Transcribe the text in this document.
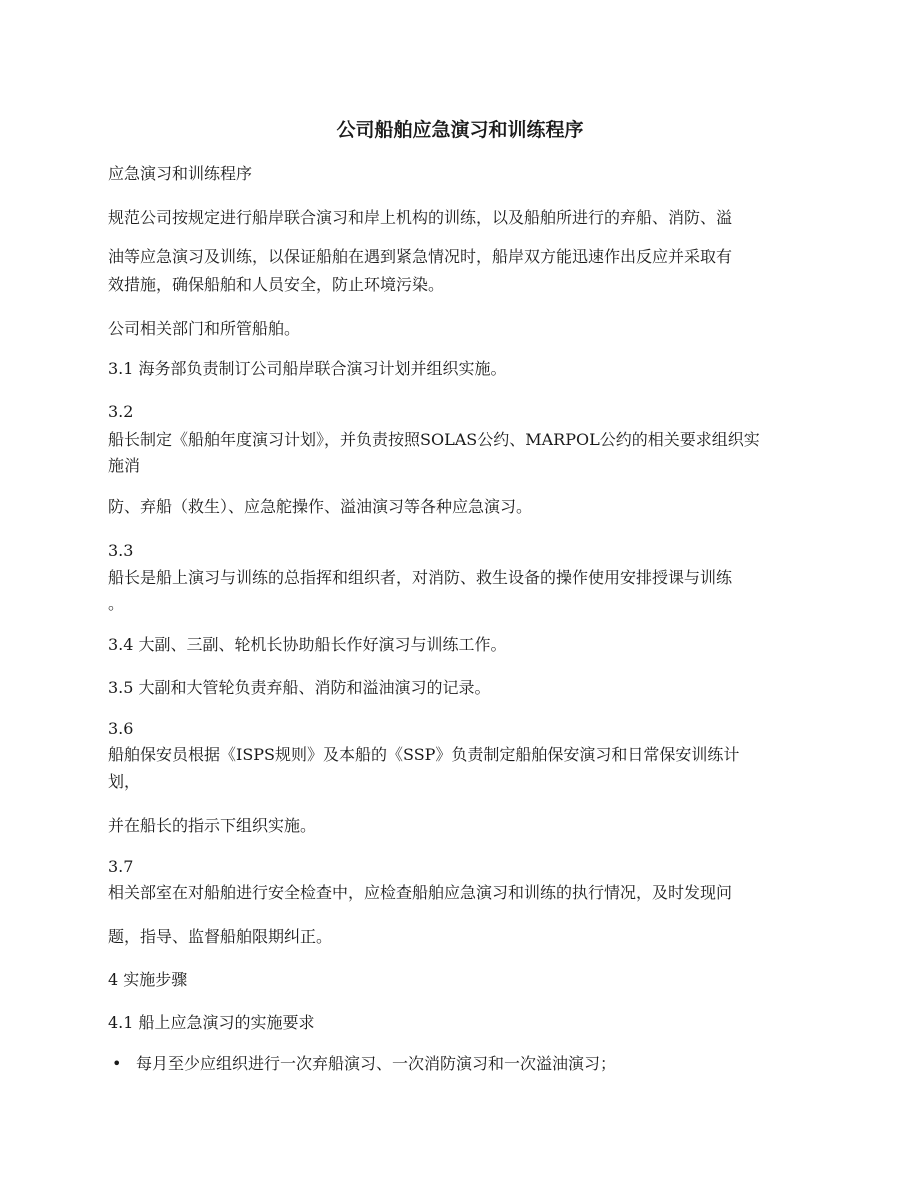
公司船舶应急演习和训练程序

应急演习和训练程序

规范公司按规定进行船岸联合演习和岸上机构的训练，以及船舶所进行的弃船、消防、溢

油等应急演习及训练，以保证船舶在遇到紧急情况时，船岸双方能迅速作出反应并采取有

效措施，确保船舶和人员安全，防止环境污染。

公司相关部门和所管船舶。

3.1 海务部负责制订公司船岸联合演习计划并组织实施。

3.2

船长制定《船舶年度演习计划》，并负责按照SOLAS公约、MARPOL公约的相关要求组织实

施消

防、弃船（救生）、应急舵操作、溢油演习等各种应急演习。

3.3

船长是船上演习与训练的总指挥和组织者，对消防、救生设备的操作使用安排授课与训练

。

3.4 大副、三副、轮机长协助船长作好演习与训练工作。

3.5 大副和大管轮负责弃船、消防和溢油演习的记录。

3.6

船舶保安员根据《ISPS规则》及本船的《SSP》负责制定船舶保安演习和日常保安训练计

划，

并在船长的指示下组织实施。

3.7

相关部室在对船舶进行安全检查中，应检查船舶应急演习和训练的执行情况，及时发现问

题，指导、监督船舶限期纠正。

4 实施步骤

4.1 船上应急演习的实施要求

• 每月至少应组织进行一次弃船演习、一次消防演习和一次溢油演习；
